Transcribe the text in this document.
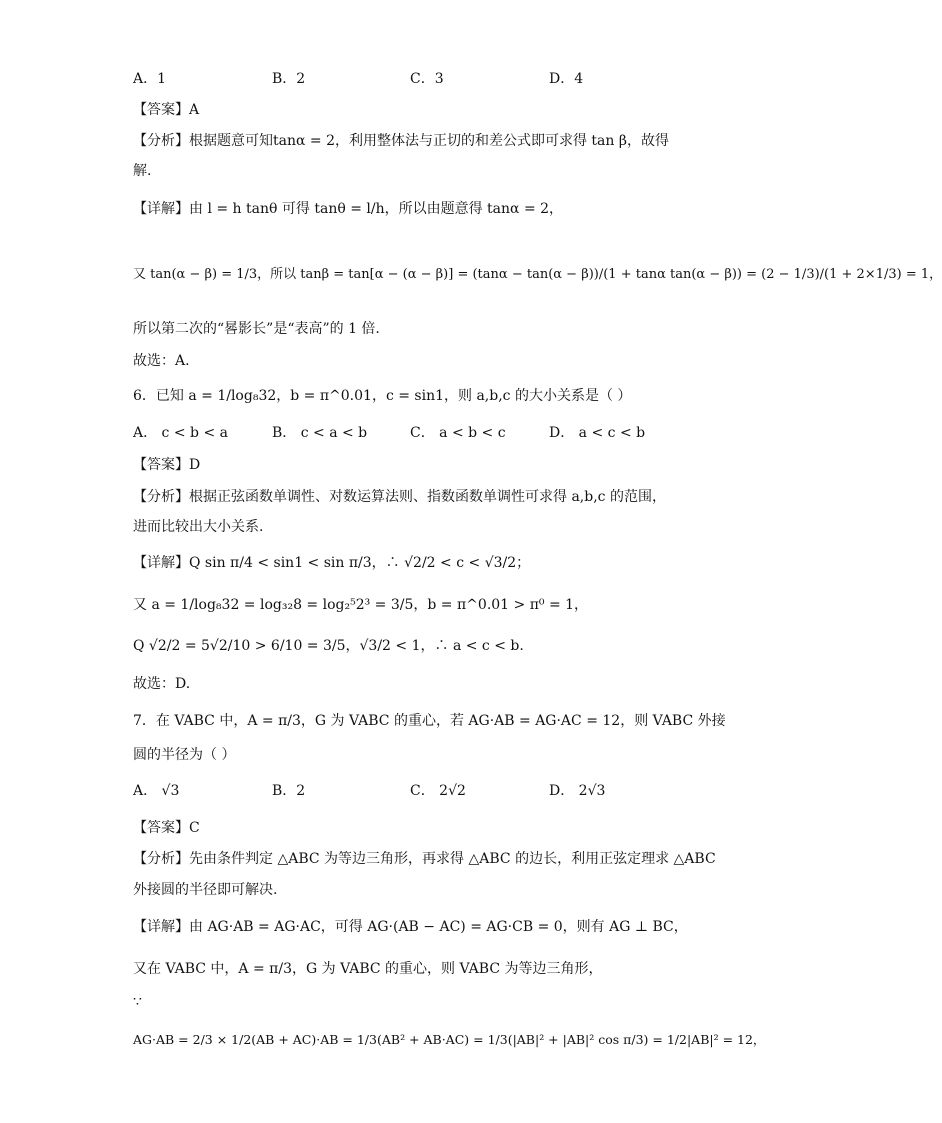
A．1	B．2	C．3	D．4
【答案】A
【分析】根据题意可知tanα = 2，利用整体法与正切的和差公式即可求得 tan β，故得
解.
【详解】由 l = h tanθ 可得 tanθ = l/h，所以由题意得 tanα = 2，
又 tan(α − β) = 1/3，所以 tanβ = tan[α − (α − β)] = (tanα − tan(α − β))/(1 + tanα tan(α − β)) = (2 − 1/3)/(1 + 2×1/3) = 1，
所以第二次的“晷影长”是“表高”的 1 倍.
故选：A.
6．已知 a = 1/log₈32，b = π^0.01，c = sin1，则 a,b,c 的大小关系是（ ）
A． c < b < a	B． c < a < b	C． a < b < c	D． a < c < b
【答案】D
【分析】根据正弦函数单调性、对数运算法则、指数函数单调性可求得 a,b,c 的范围，
进而比较出大小关系.
【详解】Q sin π/4 < sin1 < sin π/3，∴ √2/2 < c < √3/2；
又 a = 1/log₈32 = log₃₂8 = log₂⁵2³ = 3/5，b = π^0.01 > π⁰ = 1，
Q √2/2 = 5√2/10 > 6/10 = 3/5，√3/2 < 1，∴ a < c < b.
故选：D.
7．在 VABC 中，A = π/3，G 为 VABC 的重心，若 AG·AB = AG·AC = 12，则 VABC 外接
圆的半径为（ ）
A． √3	B．2	C． 2√2	D． 2√3
【答案】C
【分析】先由条件判定 △ABC 为等边三角形，再求得 △ABC 的边长，利用正弦定理求 △ABC
外接圆的半径即可解决.
【详解】由 AG·AB = AG·AC，可得 AG·(AB − AC) = AG·CB = 0，则有 AG ⊥ BC，
又在 VABC 中，A = π/3，G 为 VABC 的重心，则 VABC 为等边三角形，
∵
AG·AB = 2/3 × 1/2(AB + AC)·AB = 1/3(AB² + AB·AC) = 1/3(|AB|² + |AB|² cos π/3) = 1/2|AB|² = 12，
